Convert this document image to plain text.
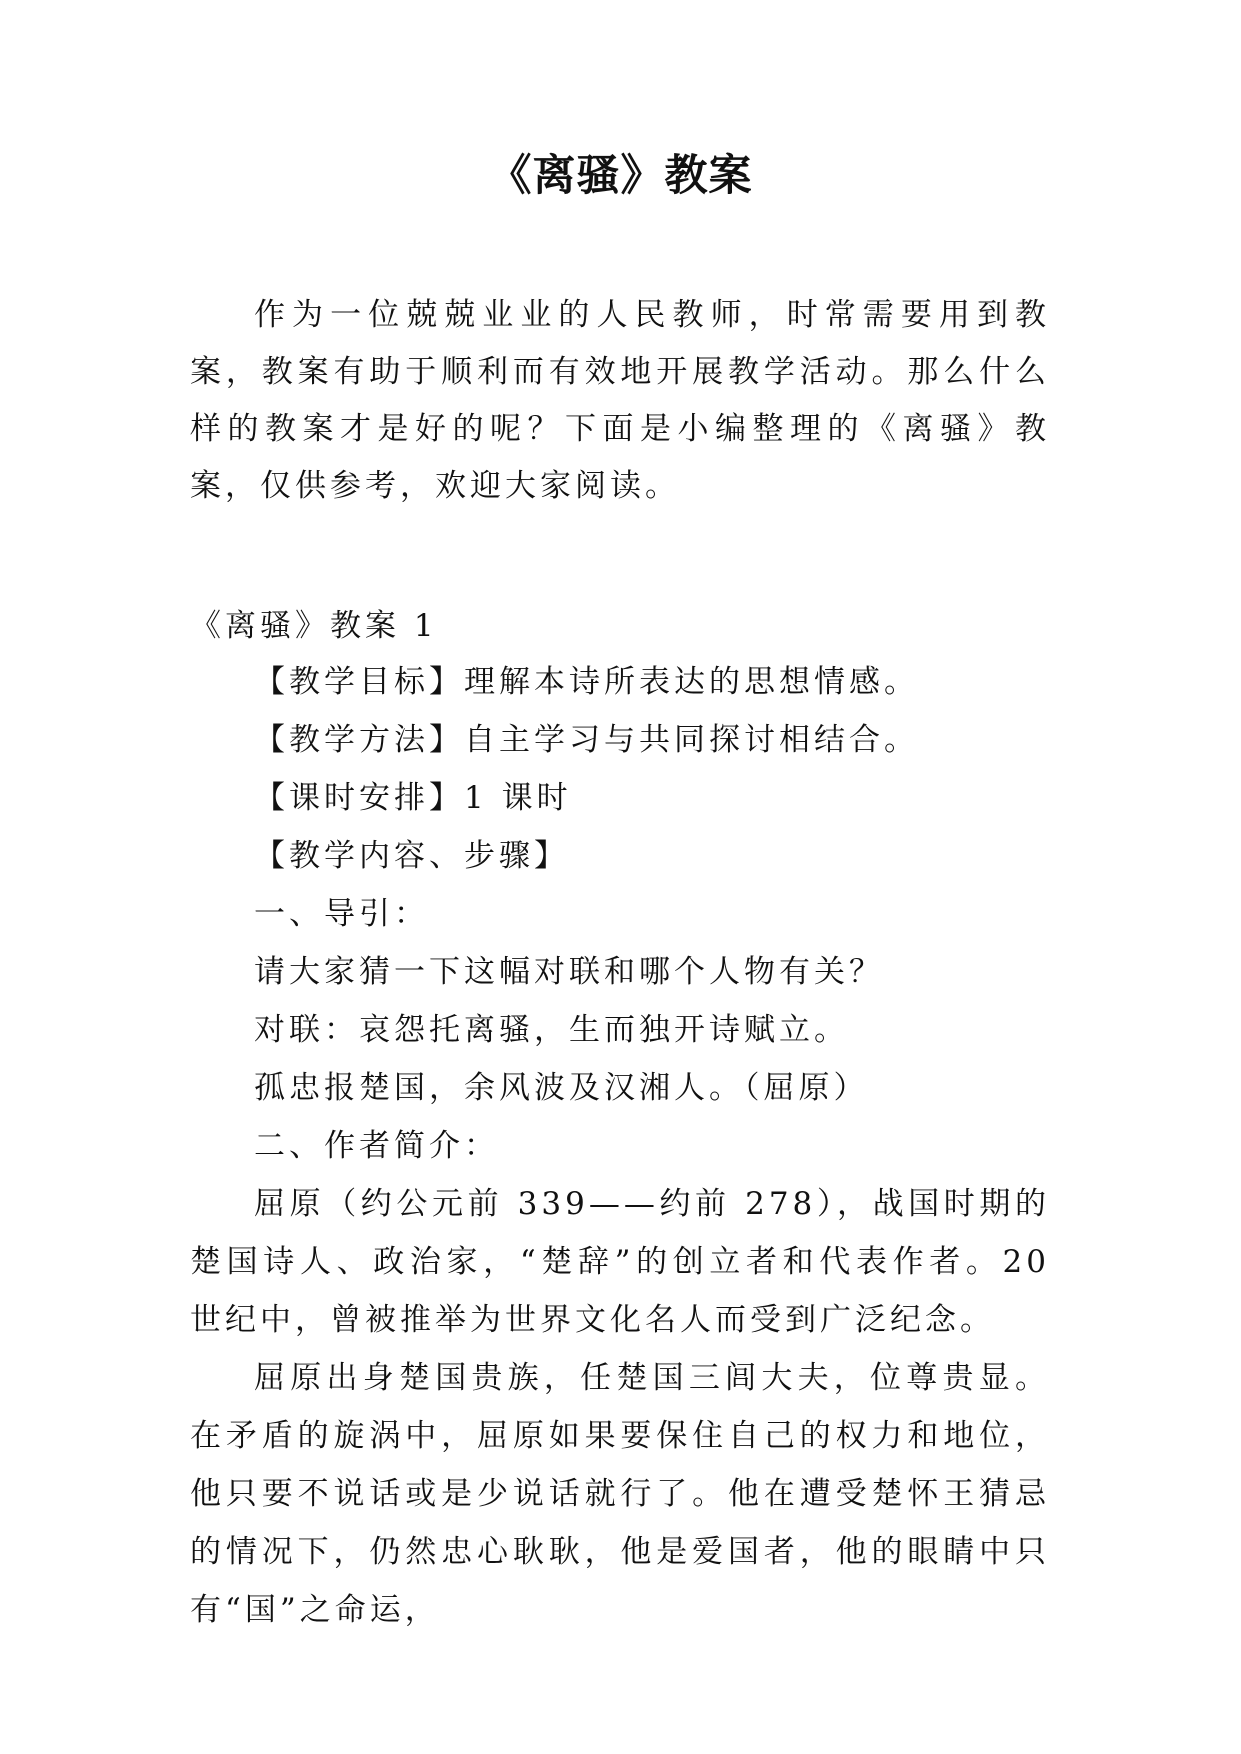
《离骚》教案

作为一位兢兢业业的人民教师，时常需要用到教案，教案有助于顺利而有效地开展教学活动。那么什么样的教案才是好的呢？下面是小编整理的《离骚》教案，仅供参考，欢迎大家阅读。

《离骚》教案 1

【教学目标】理解本诗所表达的思想情感。

【教学方法】自主学习与共同探讨相结合。

【课时安排】1 课时

【教学内容、步骤】

一、导引：

请大家猜一下这幅对联和哪个人物有关？

对联：哀怨托离骚，生而独开诗赋立。

孤忠报楚国，余风波及汉湘人。（屈原）

二、作者简介：

屈原（约公元前 339——约前 278），战国时期的楚国诗人、政治家，“楚辞”的创立者和代表作者。20 世纪中，曾被推举为世界文化名人而受到广泛纪念。

屈原出身楚国贵族，任楚国三闾大夫，位尊贵显。在矛盾的旋涡中，屈原如果要保住自己的权力和地位，他只要不说话或是少说话就行了。他在遭受楚怀王猜忌的情况下，仍然忠心耿耿，他是爱国者，他的眼睛中只有“国”之命运，
